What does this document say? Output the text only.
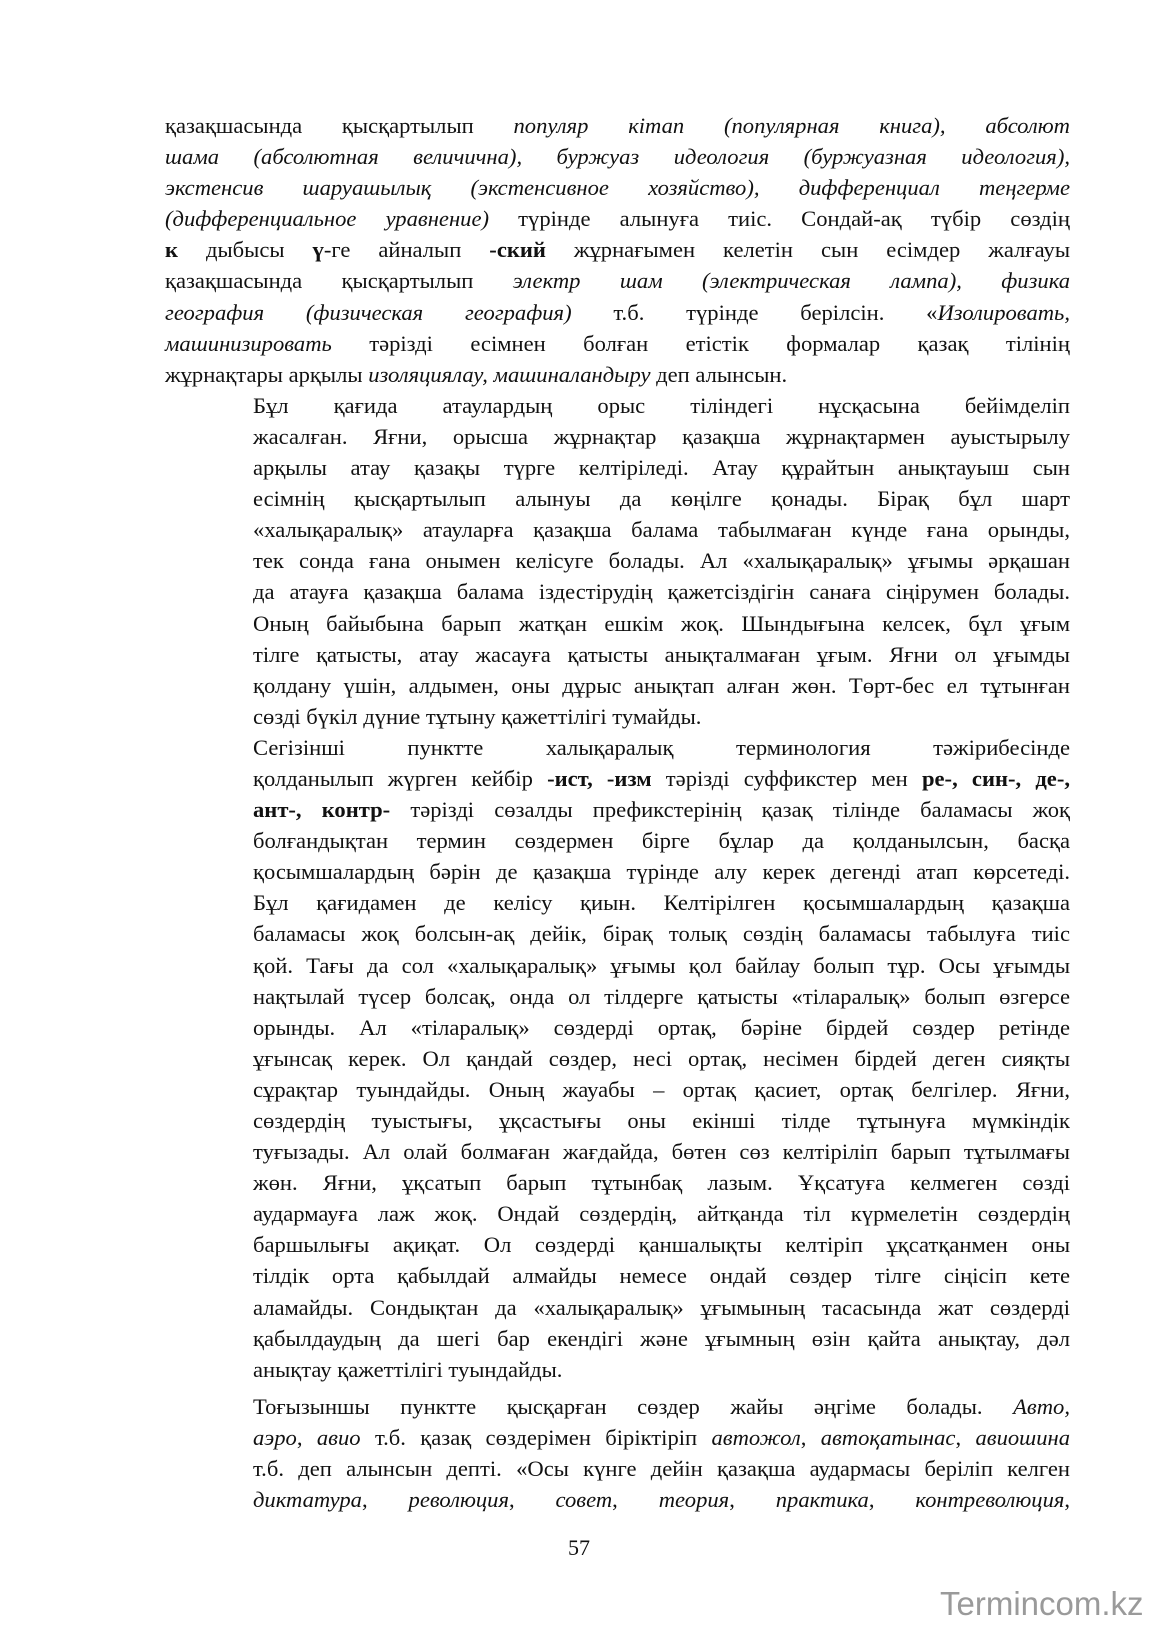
қазақшасында қысқартылып популяр кітап (популярная книга), абсолют
шама (абсолютная величична), буржуаз идеология (буржуазная идеология),
экстенсив шаруашылық (экстенсивное хозяйство), дифференциал теңгерме
(дифференциальное уравнение) түрінде алынуға тиіс. Сондай-ақ түбір сөздің
к дыбысы ү-ге айналып -ский жұрнағымен келетін сын есімдер жалғауы
қазақшасында қысқартылып электр шам (электрическая лампа), физика
география (физическая география) т.б. түрінде берілсін. «Изолировать,
машинизировать тәрізді есімнен болған етістік формалар қазақ тілінің
жұрнақтары арқылы изоляциялау, машиналандыру деп алынсын.

Бұл қағида атаулардың орыс тіліндегі нұсқасына бейімделіп
жасалған. Яғни, орысша жұрнақтар қазақша жұрнақтармен ауыстырылу
арқылы атау қазақы түрге келтіріледі. Атау құрайтын анықтауыш сын
есімнің қысқартылып алынуы да көңілге қонады. Бірақ бұл шарт
«халықаралық» атауларға қазақша балама табылмаған күнде ғана орынды,
тек сонда ғана онымен келісуге болады. Ал «халықаралық» ұғымы әрқашан
да атауға қазақша балама іздестірудің қажетсіздігін санаға сіңірумен болады.
Оның байыбына барып жатқан ешкім жоқ. Шындығына келсек, бұл ұғым
тілге қатысты, атау жасауға қатысты анықталмаған ұғым. Яғни ол ұғымды
қолдану үшін, алдымен, оны дұрыс анықтап алған жөн. Төрт-бес ел тұтынған
сөзді бүкіл дүние тұтыну қажеттілігі тумайды.

Сегізінші пунктте халықаралық терминология тәжірибесінде
қолданылып жүрген кейбір -ист, -изм тәрізді суффикстер мен ре-, син-, де-,
ант-, контр- тәрізді сөзалды префикстерінің қазақ тілінде баламасы жоқ
болғандықтан термин сөздермен бірге бұлар да қолданылсын, басқа
қосымшалардың бәрін де қазақша түрінде алу керек дегенді атап көрсетеді.
Бұл қағидамен де келісу қиын. Келтірілген қосымшалардың қазақша
баламасы жоқ болсын-ақ дейік, бірақ толық сөздің баламасы табылуға тиіс
қой. Тағы да сол «халықаралық» ұғымы қол байлау болып тұр. Осы ұғымды
нақтылай түсер болсақ, онда ол тілдерге қатысты «тіларалық» болып өзгерсе
орынды. Ал «тіларалық» сөздерді ортақ, бәріне бірдей сөздер ретінде
ұғынсақ керек. Ол қандай сөздер, несі ортақ, несімен бірдей деген сияқты
сұрақтар туындайды. Оның жауабы – ортақ қасиет, ортақ белгілер. Яғни,
сөздердің туыстығы, ұқсастығы оны екінші тілде тұтынуға мүмкіндік
туғызады. Ал олай болмаған жағдайда, бөтен сөз келтіріліп барып тұтылмағы
жөн. Яғни, ұқсатып барып тұтынбақ лазым. Ұқсатуға келмеген сөзді
аудармауға лаж жоқ. Ондай сөздердің, айтқанда тіл күрмелетін сөздердің
баршылығы ақиқат. Ол сөздерді қаншалықты келтіріп ұқсатқанмен оны
тілдік орта қабылдай алмайды немесе ондай сөздер тілге сіңісіп кете
аламайды. Сондықтан да «халықаралық» ұғымының тасасында жат сөздерді
қабылдаудың да шегі бар екендігі және ұғымның өзін қайта анықтау, дәл
анықтау қажеттілігі туындайды.

Тоғызыншы пунктте қысқарған сөздер жайы әңгіме болады. Авто,
аэро, авио т.б. қазақ сөздерімен біріктіріп автожол, автоқатынас, авиошина
т.б. деп алынсын депті. «Осы күнге дейін қазақша аудармасы беріліп келген
диктатура, революция, совет, теория, практика, контреволюция,

57
Termincom.kz
